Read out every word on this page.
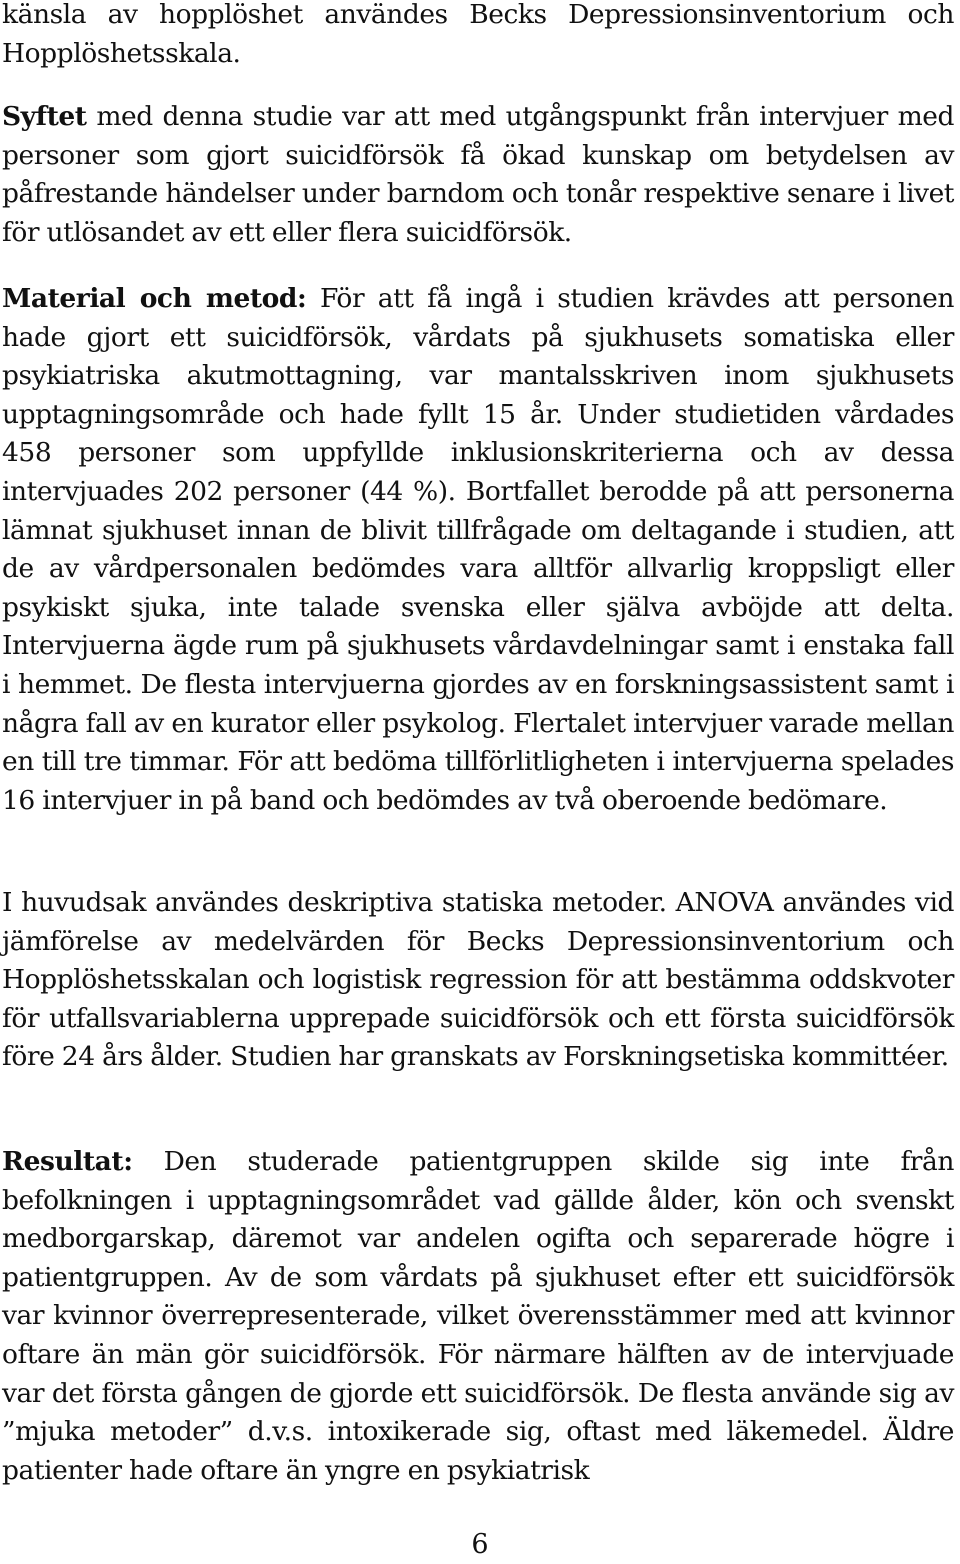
känsla av hopplöshet användes Becks Depressionsinventorium och Hopplöshetsskala.

Syftet med denna studie var att med utgångspunkt från intervjuer med personer som gjort suicidförsök få ökad kunskap om betydelsen av påfrestande händelser under barndom och tonår respektive senare i livet för utlösandet av ett eller flera suicidförsök.

Material och metod: För att få ingå i studien krävdes att personen hade gjort ett suicidförsök, vårdats på sjukhusets somatiska eller psykiatriska akutmottagning, var mantalsskriven inom sjukhusets upptagningsområde och hade fyllt 15 år. Under studietiden vårdades 458 personer som uppfyllde inklusionskriterierna och av dessa intervjuades 202 personer (44 %). Bortfallet berodde på att personerna lämnat sjukhuset innan de blivit tillfrågade om deltagande i studien, att de av vårdpersonalen bedömdes vara alltför allvarlig kroppsligt eller psykiskt sjuka, inte talade svenska eller själva avböjde att delta. Intervjuerna ägde rum på sjukhusets vårdavdelningar samt i enstaka fall i hemmet. De flesta intervjuerna gjordes av en forskningsassistent samt i några fall av en kurator eller psykolog. Flertalet intervjuer varade mellan en till tre timmar. För att bedöma tillförlitligheten i intervjuerna spelades 16 intervjuer in på band och bedömdes av två oberoende bedömare.

I huvudsak användes deskriptiva statiska metoder. ANOVA användes vid jämförelse av medelvärden för Becks Depressionsinventorium och Hopplöshetsskalan och logistisk regression för att bestämma oddskvoter för utfallsvariablerna upprepade suicidförsök och ett första suicidförsök före 24 års ålder. Studien har granskats av Forskningsetiska kommittéer.

Resultat: Den studerade patientgruppen skilde sig inte från befolkningen i upptagningsområdet vad gällde ålder, kön och svenskt medborgarskap, däremot var andelen ogifta och separerade högre i patientgruppen. Av de som vårdats på sjukhuset efter ett suicidförsök var kvinnor överrepresenterade, vilket överensstämmer med att kvinnor oftare än män gör suicidförsök. För närmare hälften av de intervjuade var det första gången de gjorde ett suicidförsök. De flesta använde sig av ”mjuka metoder” d.v.s. intoxikerade sig, oftast med läkemedel. Äldre patienter hade oftare än yngre en psykiatrisk

6
